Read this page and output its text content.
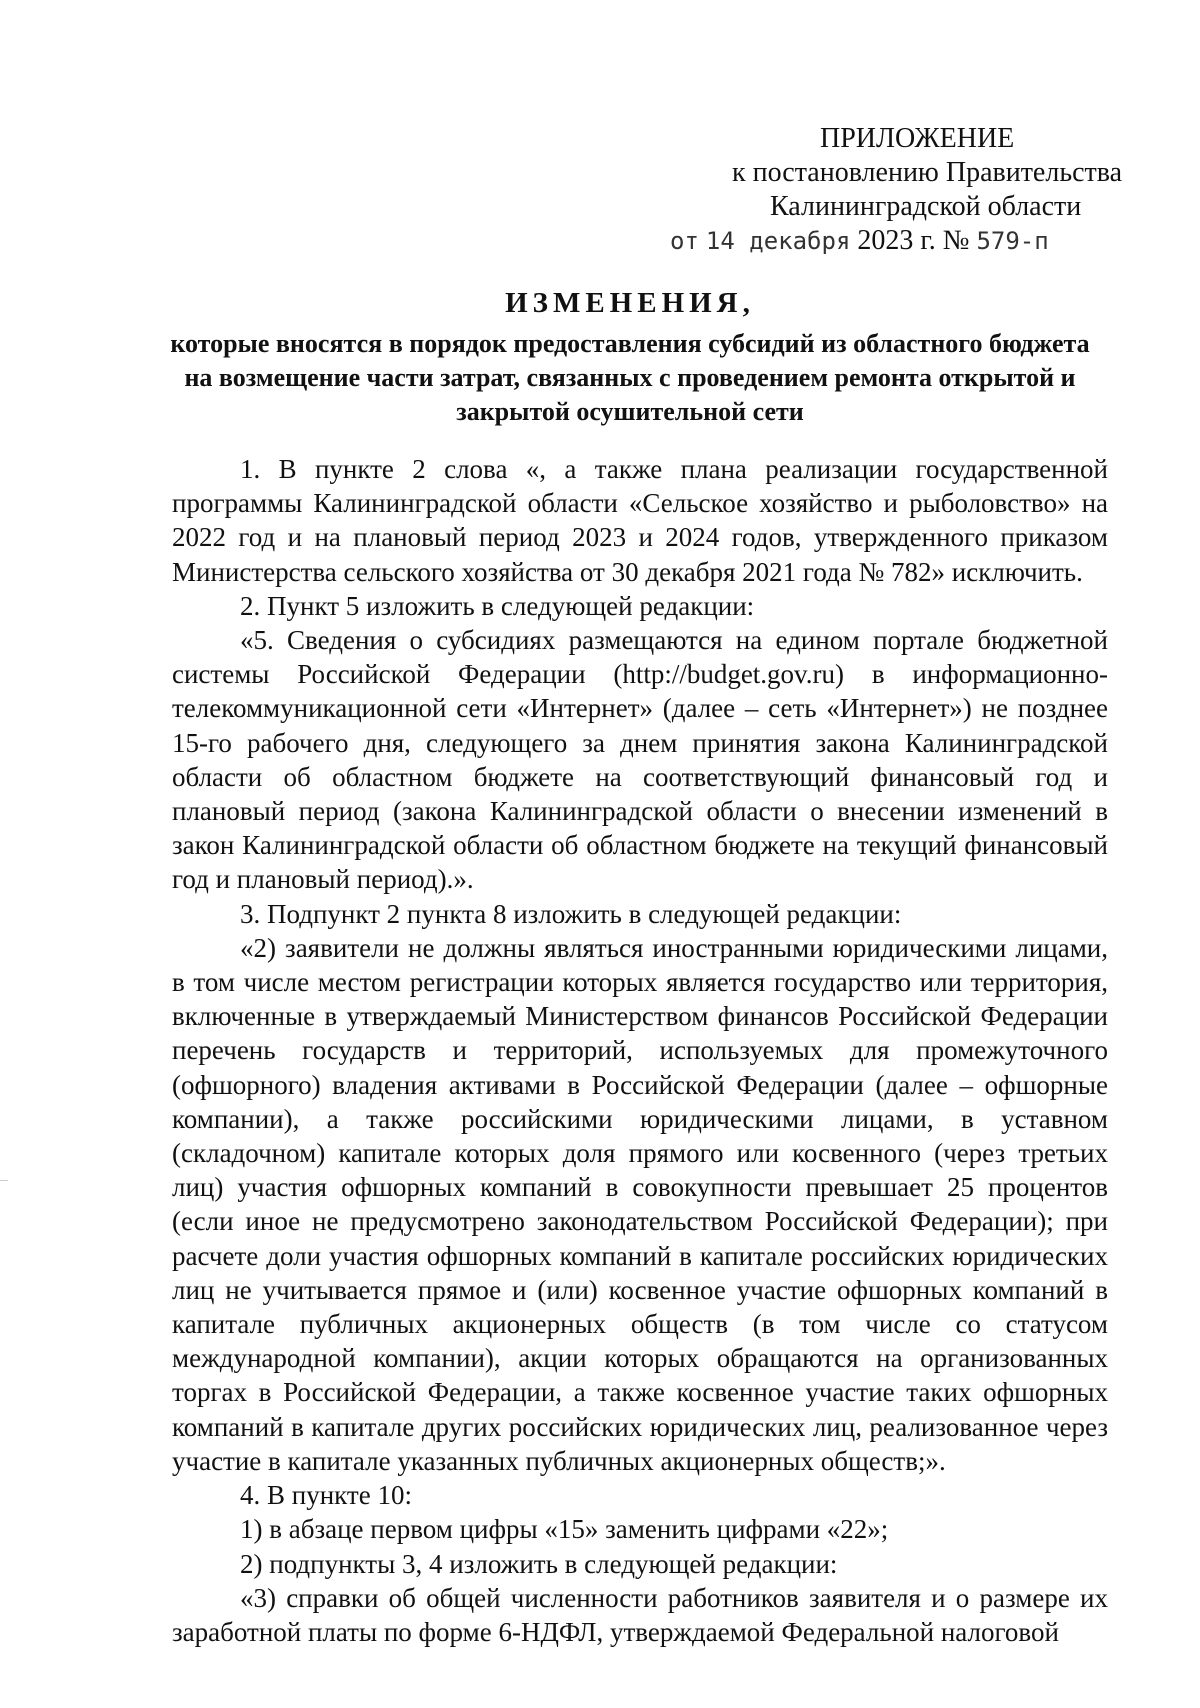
ПРИЛОЖЕНИЕ
к постановлению Правительства
Калининградской области
от 14 декабря 2023 г. № 579-п
ИЗМЕНЕНИЯ,
которые вносятся в порядок предоставления субсидий из областного бюджета на возмещение части затрат, связанных с проведением ремонта открытой и закрытой осушительной сети

1. В пункте 2 слова «, а также плана реализации государственной программы Калининградской области «Сельское хозяйство и рыболовство» на 2022 год и на плановый период 2023 и 2024 годов, утвержденного приказом Министерства сельского хозяйства от 30 декабря 2021 года № 782» исключить.

2. Пункт 5 изложить в следующей редакции:

«5. Сведения о субсидиях размещаются на едином портале бюджетной системы Российской Федерации (http://budget.gov.ru) в информационно-телекоммуникационной сети «Интернет» (далее – сеть «Интернет») не позднее 15-го рабочего дня, следующего за днем принятия закона Калининградской области об областном бюджете на соответствующий финансовый год и плановый период (закона Калининградской области о внесении изменений в закон Калининградской области об областном бюджете на текущий финансовый год и плановый период).».

3. Подпункт 2 пункта 8 изложить в следующей редакции:

«2) заявители не должны являться иностранными юридическими лицами, в том числе местом регистрации которых является государство или территория, включенные в утверждаемый Министерством финансов Российской Федерации перечень государств и территорий, используемых для промежуточного (офшорного) владения активами в Российской Федерации (далее – офшорные компании), а также российскими юридическими лицами, в уставном (складочном) капитале которых доля прямого или косвенного (через третьих лиц) участия офшорных компаний в совокупности превышает 25 процентов (если иное не предусмотрено законодательством Российской Федерации); при расчете доли участия офшорных компаний в капитале российских юридических лиц не учитывается прямое и (или) косвенное участие офшорных компаний в капитале публичных акционерных обществ (в том числе со статусом международной компании), акции которых обращаются на организованных торгах в Российской Федерации, а также косвенное участие таких офшорных компаний в капитале других российских юридических лиц, реализованное через участие в капитале указанных публичных акционерных обществ;».

4. В пункте 10:

1) в абзаце первом цифры «15» заменить цифрами «22»;

2) подпункты 3, 4 изложить в следующей редакции:

«3) справки об общей численности работников заявителя и о размере их заработной платы по форме 6-НДФЛ, утверждаемой Федеральной налоговой
